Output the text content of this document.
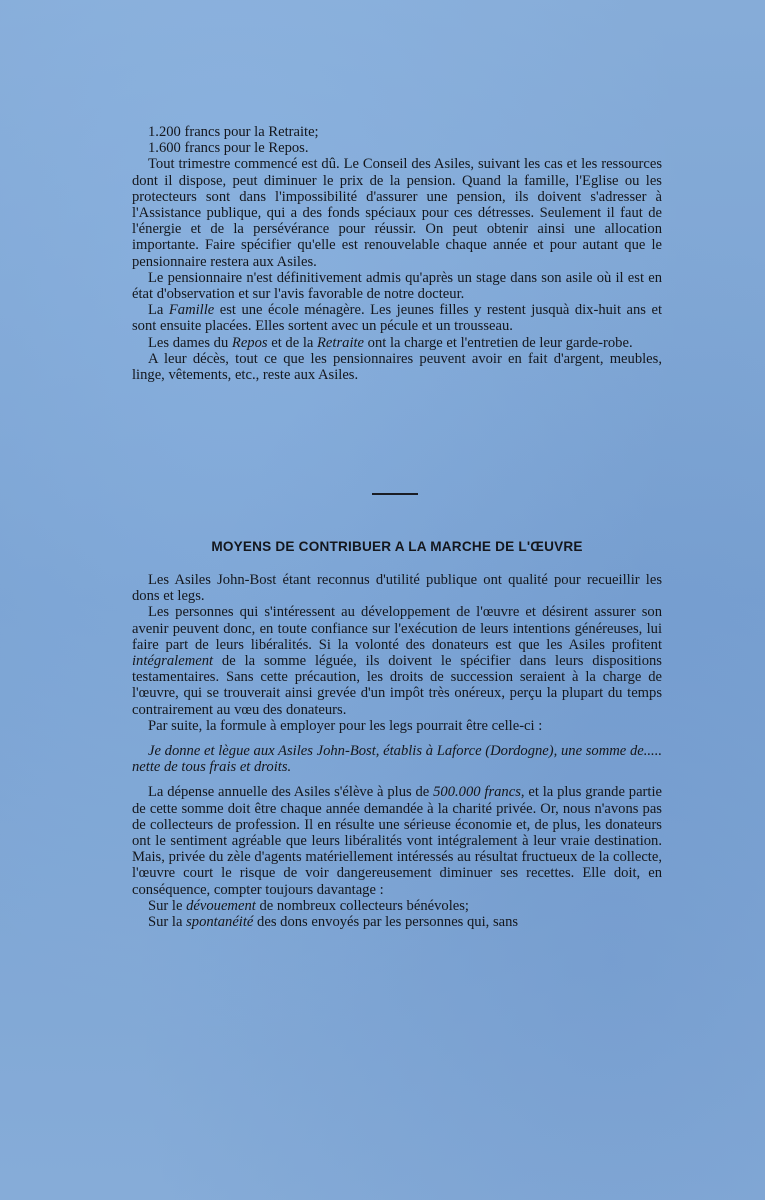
1.200 francs pour la Retraite;

1.600 francs pour le Repos.

Tout trimestre commencé est dû. Le Conseil des Asiles, suivant les cas et les ressources dont il dispose, peut diminuer le prix de la pension. Quand la famille, l'Eglise ou les protecteurs sont dans l'impossibilité d'assurer une pension, ils doivent s'adresser à l'Assistance publique, qui a des fonds spéciaux pour ces détresses. Seulement il faut de l'énergie et de la persévérance pour réussir. On peut obtenir ainsi une allocation importante. Faire spécifier qu'elle est renouvelable chaque année et pour autant que le pensionnaire restera aux Asiles.

Le pensionnaire n'est définitivement admis qu'après un stage dans son asile où il est en état d'observation et sur l'avis favorable de notre docteur.

La Famille est une école ménagère. Les jeunes filles y restent jusquà dix-huit ans et sont ensuite placées. Elles sortent avec un pécule et un trousseau.

Les dames du Repos et de la Retraite ont la charge et l'entretien de leur garde-robe.

A leur décès, tout ce que les pensionnaires peuvent avoir en fait d'argent, meubles, linge, vêtements, etc., reste aux Asiles.

MOYENS DE CONTRIBUER A LA MARCHE DE L'ŒUVRE

Les Asiles John-Bost étant reconnus d'utilité publique ont qualité pour recueillir les dons et legs.

Les personnes qui s'intéressent au développement de l'œuvre et désirent assurer son avenir peuvent donc, en toute confiance sur l'exécution de leurs intentions généreuses, lui faire part de leurs libéralités. Si la volonté des donateurs est que les Asiles profitent intégralement de la somme léguée, ils doivent le spécifier dans leurs dispositions testamentaires. Sans cette précaution, les droits de succession seraient à la charge de l'œuvre, qui se trouverait ainsi grevée d'un impôt très onéreux, perçu la plupart du temps contrairement au vœu des donateurs.

Par suite, la formule à employer pour les legs pourrait être celle-ci :

Je donne et lègue aux Asiles John-Bost, établis à Laforce (Dordogne), une somme de..... nette de tous frais et droits.

La dépense annuelle des Asiles s'élève à plus de 500.000 francs, et la plus grande partie de cette somme doit être chaque année demandée à la charité privée. Or, nous n'avons pas de collecteurs de profession. Il en résulte une sérieuse économie et, de plus, les donateurs ont le sentiment agréable que leurs libéralités vont intégralement à leur vraie destination. Mais, privée du zèle d'agents matériellement intéressés au résultat fructueux de la collecte, l'œuvre court le risque de voir dangereusement diminuer ses recettes. Elle doit, en conséquence, compter toujours davantage :

Sur le dévouement de nombreux collecteurs bénévoles;

Sur la spontanéité des dons envoyés par les personnes qui, sans
